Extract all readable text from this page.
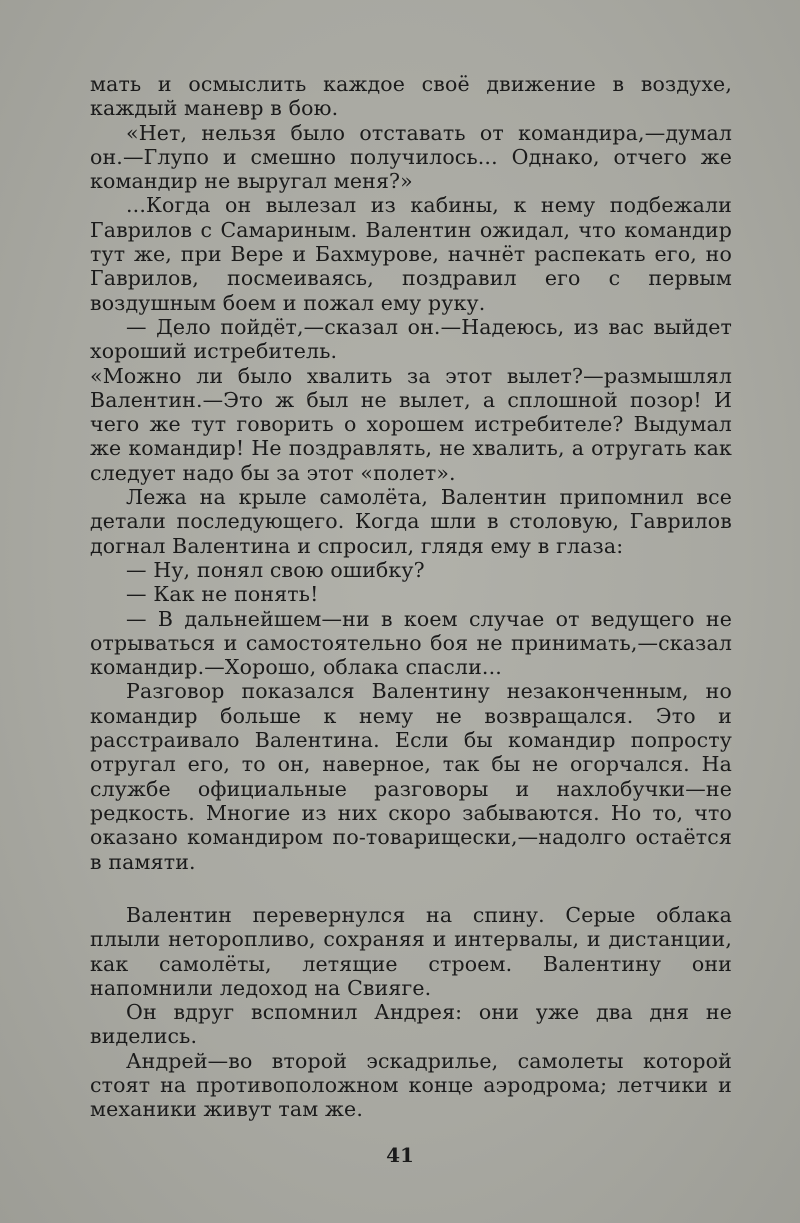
мать и осмыслить каждое своё движение в воздухе, каждый маневр в бою.

«Нет, нельзя было отставать от командира,—думал он.—Глупо и смешно получилось... Однако, отчего же командир не выругал меня?»

...Когда он вылезал из кабины, к нему подбежали Гаврилов с Самариным. Валентин ожидал, что командир тут же, при Вере и Бахмурове, начнёт распекать его, но Гаврилов, посмеиваясь, поздравил его с первым воздушным боем и пожал ему руку.

— Дело пойдёт,—сказал он.—Надеюсь, из вас выйдет хороший истребитель.

«Можно ли было хвалить за этот вылет?—размышлял Валентин.—Это ж был не вылет, а сплошной позор! И чего же тут говорить о хорошем истребителе? Выдумал же командир! Не поздравлять, не хвалить, а отругать как следует надо бы за этот «полет».

Лежа на крыле самолёта, Валентин припомнил все детали последующего. Когда шли в столовую, Гаврилов догнал Валентина и спросил, глядя ему в глаза:

— Ну, понял свою ошибку?

— Как не понять!

— В дальнейшем—ни в коем случае от ведущего не отрываться и самостоятельно боя не принимать,—сказал командир.—Хорошо, облака спасли...

Разговор показался Валентину незаконченным, но командир больше к нему не возвращался. Это и расстраивало Валентина. Если бы командир попросту отругал его, то он, наверное, так бы не огорчался. На службе официальные разговоры и нахлобучки—не редкость. Многие из них скоро забываются. Но то, что оказано командиром по-товарищески,—надолго остаётся в памяти.

Валентин перевернулся на спину. Серые облака плыли неторопливо, сохраняя и интервалы, и дистанции, как самолёты, летящие строем. Валентину они напомнили ледоход на Свияге.

Он вдруг вспомнил Андрея: они уже два дня не виделись.

Андрей—во второй эскадрилье, самолеты которой стоят на противоположном конце аэродрома; летчики и механики живут там же.

41
